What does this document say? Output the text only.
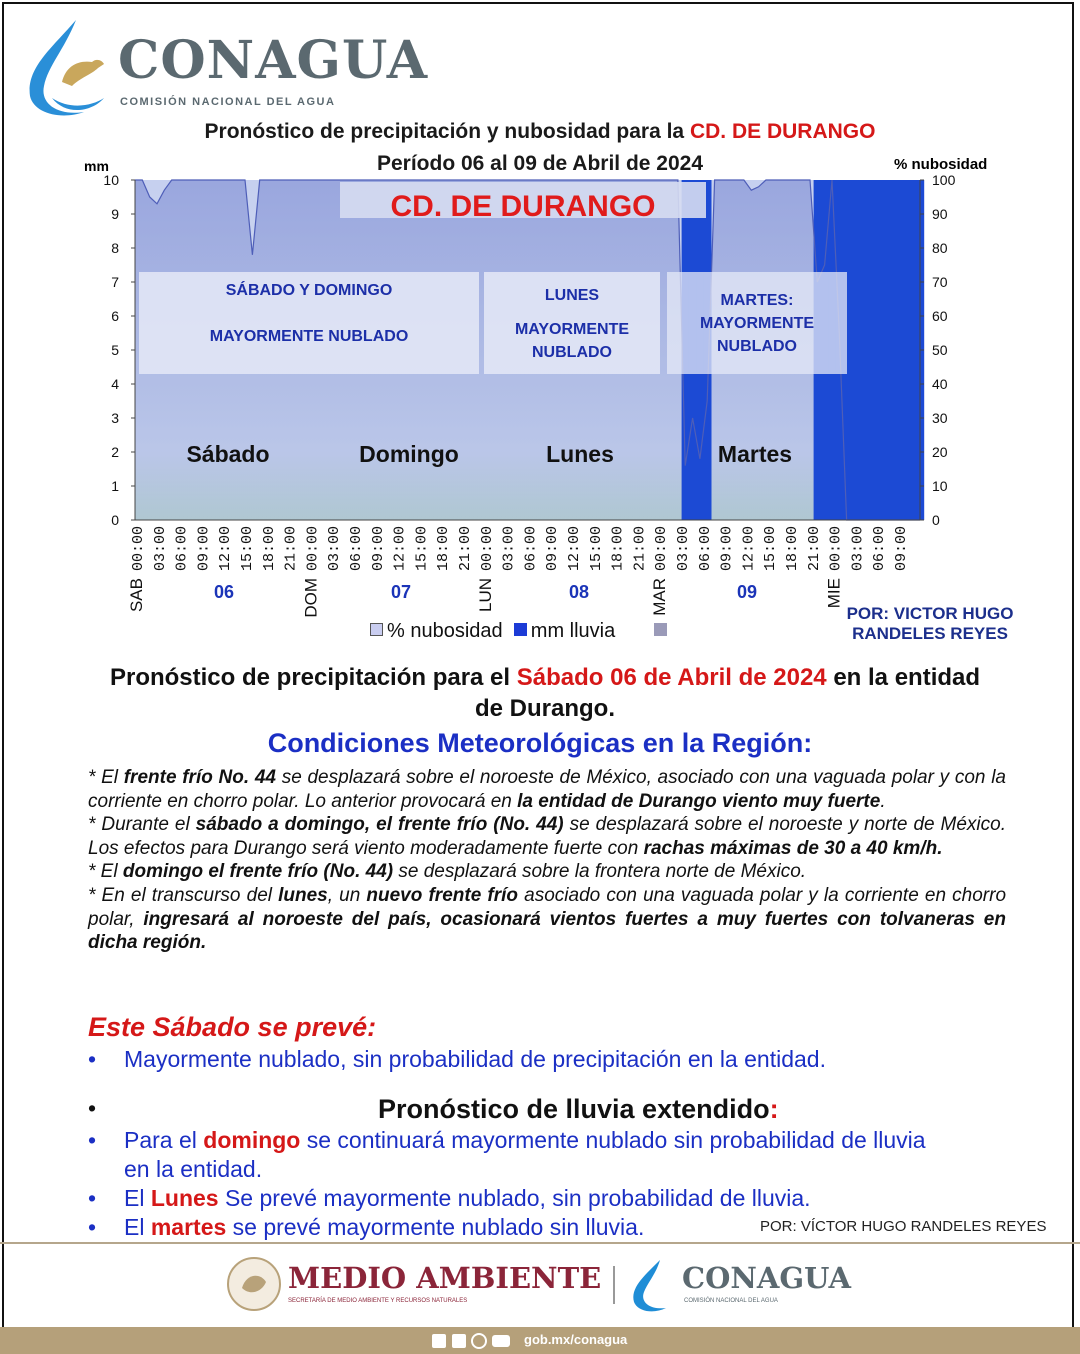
CONAGUA
COMISIÓN NACIONAL DEL AGUA
Pronóstico de precipitación y nubosidad para la CD. DE DURANGO
Período 06 al 09 de Abril de 2024
mm	% nubosidad
0
1
2
3
4
5
6
7
8
9
10
0
10
20
30
40
50
60
70
80
90
100
00:00 03:00 06:00 09:00 12:00 15:00 18:00 21:00 00:00 03:00 06:00 09:00 12:00 15:00 18:00 21:00 00:00 03:00 06:00 09:00 12:00 15:00 18:00 21:00 00:00 03:00 06:00 09:00 12:00 15:00 18:00 21:00 00:00 03:00 06:00 09:00
CD. DE DURANGO
SÁBADO Y DOMINGO
MAYORMENTE NUBLADO
LUNES
MAYORMENTE NUBLADO
MARTES:
MAYORMENTE NUBLADO
Sábado	Domingo	Lunes	Martes
06	07	08	09
SAB	DOM	LUN	MAR	MIE
% nubosidad mm lluvia
POR: VICTOR HUGO
RANDELES REYES
Pronóstico de precipitación para el Sábado 06 de Abril de 2024 en la entidad de Durango.
Condiciones Meteorológicas en la Región:

* El frente frío No. 44 se desplazará sobre el noroeste de México, asociado con una vaguada polar y con la corriente en chorro polar. Lo anterior provocará en la entidad de Durango viento muy fuerte.

* Durante el sábado a domingo, el frente frío (No. 44) se desplazará sobre el noroeste y norte de México. Los efectos para Durango será viento moderadamente fuerte con rachas máximas de 30 a 40 km/h.

* El domingo el frente frío (No. 44) se desplazará sobre la frontera norte de México.

* En el transcurso del lunes, un nuevo frente frío asociado con una vaguada polar y la corriente en chorro polar, ingresará al noroeste del país, ocasionará vientos fuertes a muy fuertes con tolvaneras en dicha región.

Este Sábado se prevé:
• Mayormente nublado, sin probabilidad de precipitación en la entidad.
•	Pronóstico de lluvia extendido:
• Para el domingo se continuará mayormente nublado sin probabilidad de lluvia
en la entidad.
• El Lunes Se prevé mayormente nublado, sin probabilidad de lluvia.
• El martes se prevé mayormente nublado sin lluvia.	POR: VÍCTOR HUGO RANDELES REYES
MEDIO AMBIENTE
SECRETARÍA DE MEDIO AMBIENTE Y RECURSOS NATURALES
CONAGUA
COMISIÓN NACIONAL DEL AGUA
gob.mx/conagua
